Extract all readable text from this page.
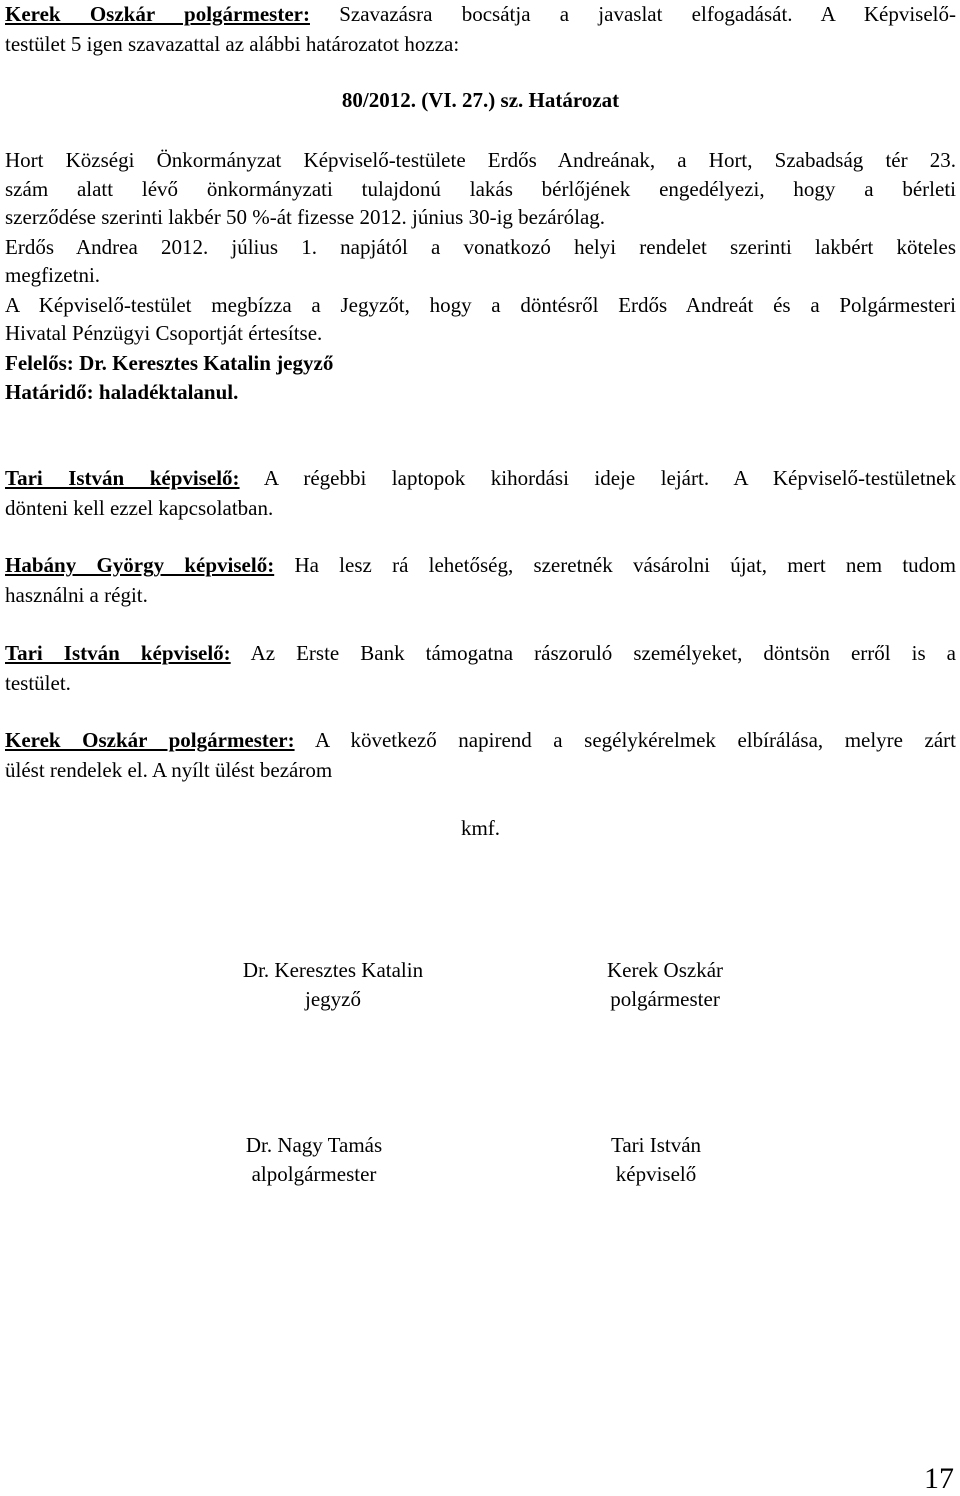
Kerek Oszkár polgármester: Szavazásra bocsátja a javaslat elfogadását. A Képviselő-
testület 5 igen szavazattal az alábbi határozatot hozza:
80/2012. (VI. 27.) sz. Határozat
Hort Községi Önkormányzat Képviselő-testülete Erdős Andreának, a Hort, Szabadság tér 23.
szám alatt lévő önkormányzati tulajdonú lakás bérlőjének engedélyezi, hogy a bérleti
szerződése szerinti lakbér 50 %-át fizesse 2012. június 30-ig bezárólag.
Erdős Andrea 2012. július 1. napjától a vonatkozó helyi rendelet szerinti lakbért köteles
megfizetni.
A Képviselő-testület megbízza a Jegyzőt, hogy a döntésről Erdős Andreát és a Polgármesteri
Hivatal Pénzügyi Csoportját értesítse.
Felelős: Dr. Keresztes Katalin jegyző
Határidő: haladéktalanul.
Tari István képviselő: A régebbi laptopok kihordási ideje lejárt. A Képviselő-testületnek
dönteni kell ezzel kapcsolatban.
Habány György képviselő: Ha lesz rá lehetőség, szeretnék vásárolni újat, mert nem tudom
használni a régit.
Tari István képviselő: Az Erste Bank támogatna rászoruló személyeket, döntsön erről is a
testület.
Kerek Oszkár polgármester: A következő napirend a segélykérelmek elbírálása, melyre zárt
ülést rendelek el. A nyílt ülést bezárom
kmf.
Dr. Keresztes Katalin
jegyző
Kerek Oszkár
polgármester
Dr. Nagy Tamás
alpolgármester
Tari István
képviselő
17
